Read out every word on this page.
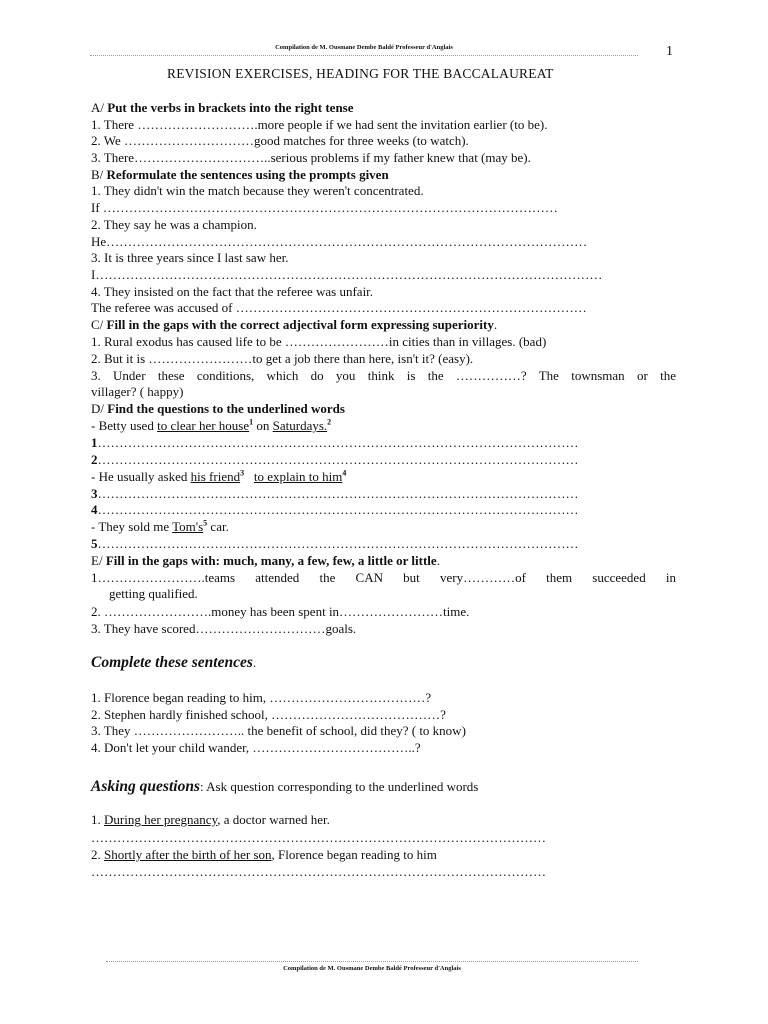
Compilation de M. Ousmane Dembe Baldé Professeur d'Anglais	1
REVISION EXERCISES, HEADING FOR THE BACCALAUREAT
A/ Put the verbs in brackets into the right tense
1. There ……………………….more people if we had sent the invitation earlier (to be).
2. We …………………………good matches for three weeks (to watch).
3. There…………………………..serious problems if my father knew that (may be).
B/ Reformulate the sentences using the prompts given
1. They didn't win the match because they weren't concentrated.
If ……………………………………………………………………………………………
2. They say he was a champion.
He…………………………………………………………………………………………………
3. It is three years since I last saw her.
I………………………………………………………………………………………………………
4. They insisted on the fact that the referee was unfair.
The referee was accused of ………………………………………………………………………
C/ Fill in the gaps with the correct adjectival form expressing superiority.
1. Rural exodus has caused life to be ……………………in cities than in villages. (bad)
2. But it is ……………………to get a job there than here, isn't it? (easy).
3. Under these conditions, which do you think is the ……………? The townsman or the
villager? ( happy)
D/ Find the questions to the underlined words
- Betty used to clear her house$^1$ on Saturdays.$^2$
1…………………………………………………………………………………………………
2…………………………………………………………………………………………………
- He usually asked his friend$^3$ to explain to him$^4$
3…………………………………………………………………………………………………
4…………………………………………………………………………………………………
- They sold me $Tom's^5$ car.
5…………………………………………………………………………………………………
E/ Fill in the gaps with: much, many, a few, few, a little or little.
1…………………….teams attended the CAN but very…………of them succeeded in
getting qualified.
2. …………………….money has been spent in……………………time.
3. They have scored…………………………goals.
Complete these sentences.
1. Florence began reading to him, ………………………………?
2. Stephen hardly finished school, …………………………………?
3. They …………………….. the benefit of school, did they? ( to know)
4. Don't let your child wander, ………………………………..?
Asking questions: Ask question corresponding to the underlined words
1. During her pregnancy, a doctor warned her.
……………………………………………………………………………………………
2. Shortly after the birth of her son, Florence began reading to him
……………………………………………………………………………………………
Compilation de M. Ousmane Dembe Baldé Professeur d'Anglais
